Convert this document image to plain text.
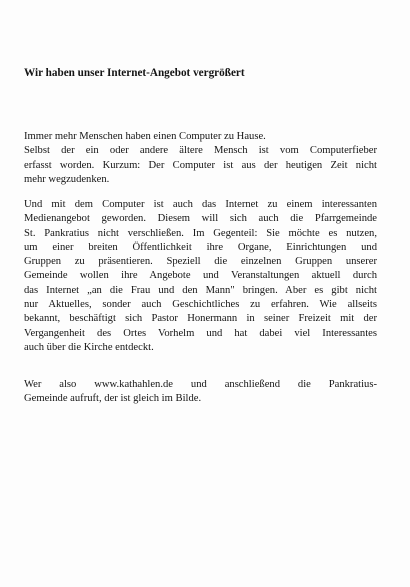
Wir haben unser Internet-Angebot vergrößert
Immer mehr Menschen haben einen Computer zu Hause.
Selbst der ein oder andere ältere Mensch ist vom Computerfieber
erfasst worden. Kurzum: Der Computer ist aus der heutigen Zeit nicht
mehr wegzudenken.
Und mit dem Computer ist auch das Internet zu einem interessanten
Medienangebot geworden. Diesem will sich auch die Pfarrgemeinde
St. Pankratius nicht verschließen. Im Gegenteil: Sie möchte es nutzen,
um einer breiten Öffentlichkeit ihre Organe, Einrichtungen und
Gruppen zu präsentieren. Speziell die einzelnen Gruppen unserer
Gemeinde wollen ihre Angebote und Veranstaltungen aktuell durch
das Internet „an die Frau und den Mann" bringen. Aber es gibt nicht
nur Aktuelles, sonder auch Geschichtliches zu erfahren. Wie allseits
bekannt, beschäftigt sich Pastor Honermann in seiner Freizeit mit der
Vergangenheit des Ortes Vorhelm und hat dabei viel Interessantes
auch über die Kirche entdeckt.
Wer also www.kathahlen.de und anschließend die Pankratius-
Gemeinde aufruft, der ist gleich im Bilde.
